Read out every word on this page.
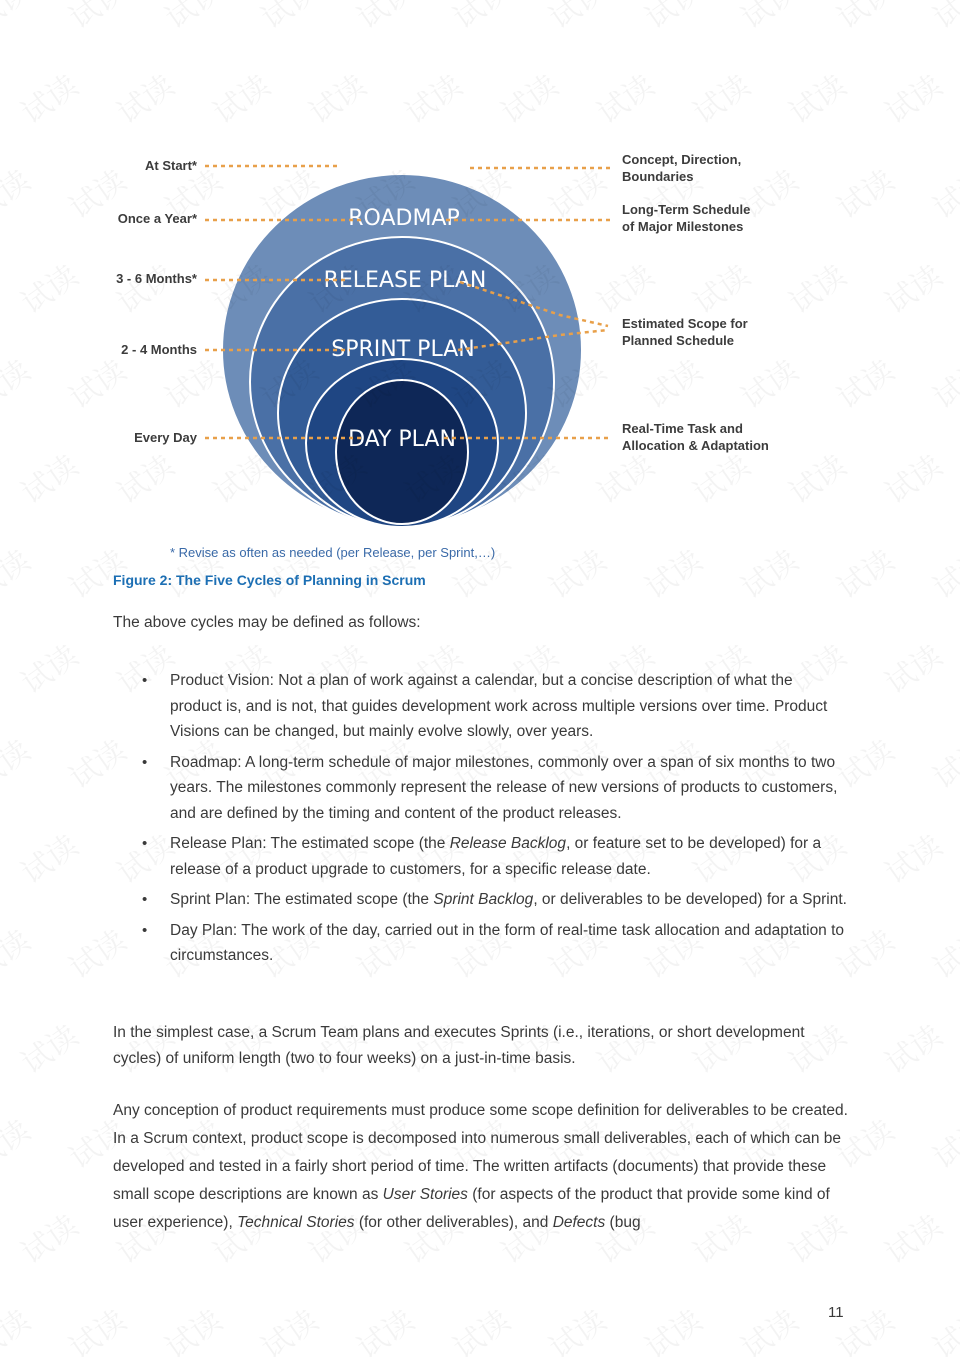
PRODUCT VISION
ROADMAP
RELEASE PLAN
SPRINT PLAN
DAY PLAN
At Start*
Once a Year*
3 - 6 Months*
2 - 4 Months
Every Day
Concept, Direction,
Boundaries
Long-Term Schedule
of Major Milestones
Estimated Scope for
Planned Schedule
Real-Time Task and
Allocation & Adaptation
* Revise as often as needed (per Release, per Sprint,…)
Figure 2: The Five Cycles of Planning in Scrum
The above cycles may be defined as follows:
• Product Vision: Not a plan of work against a calendar, but a concise description of what the product is, and is not, that guides development work across multiple versions over time. Product Visions can be changed, but mainly evolve slowly, over years.
• Roadmap: A long-term schedule of major milestones, commonly over a span of six months to two years. The milestones commonly represent the release of new versions of products to customers, and are defined by the timing and content of the product releases.
• Release Plan: The estimated scope (the Release Backlog, or feature set to be developed) for a release of a product upgrade to customers, for a specific release date.
• Sprint Plan: The estimated scope (the Sprint Backlog, or deliverables to be developed) for a Sprint.
• Day Plan: The work of the day, carried out in the form of real-time task allocation and adaptation to circumstances.
In the simplest case, a Scrum Team plans and executes Sprints (i.e., iterations, or short development cycles) of uniform length (two to four weeks) on a just-in-time basis.
Any conception of product requirements must produce some scope definition for deliverables to be created. In a Scrum context, product scope is decomposed into numerous small deliverables, each of which can be developed and tested in a fairly short period of time. The written artifacts (documents) that provide these small scope descriptions are known as User Stories (for aspects of the product that provide some kind of user experience), Technical Stories (for other deliverables), and Defects (bug
11
